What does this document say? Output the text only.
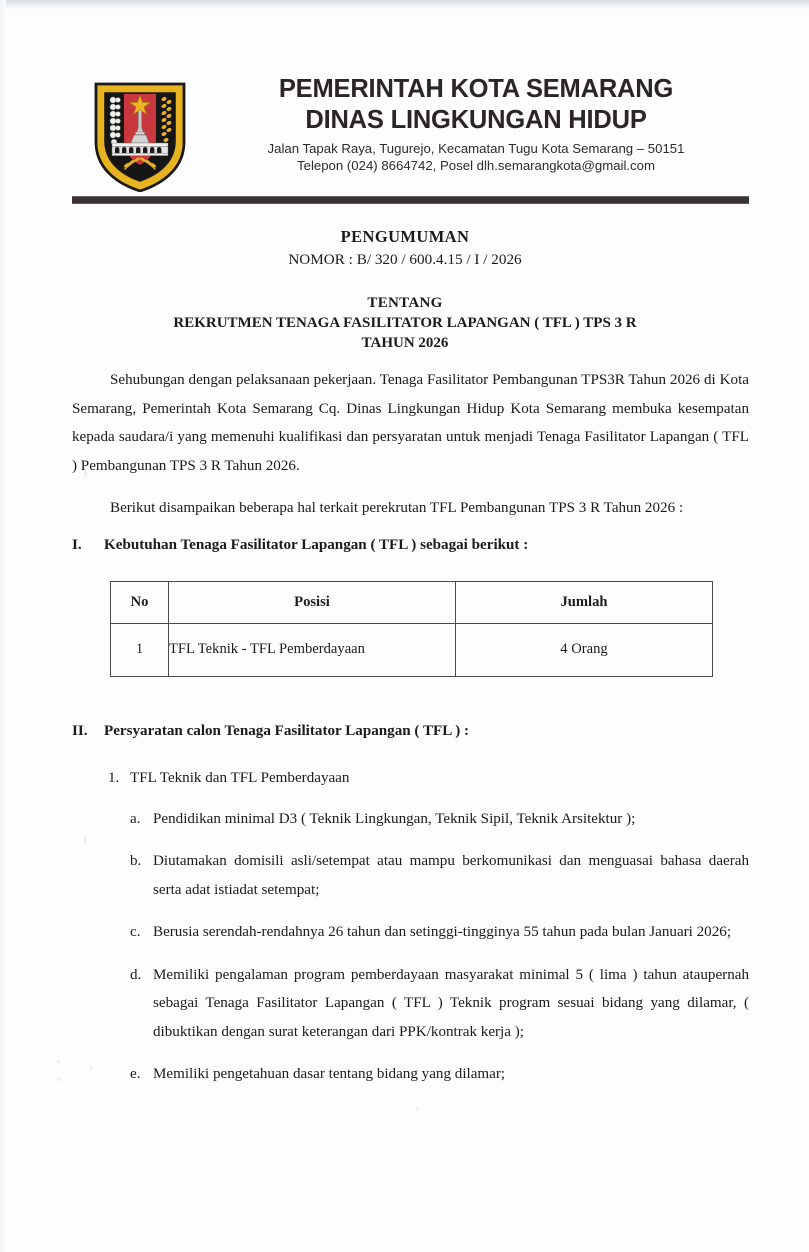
PEMERINTAH KOTA SEMARANG
DINAS LINGKUNGAN HIDUP
Jalan Tapak Raya, Tugurejo, Kecamatan Tugu Kota Semarang – 50151
Telepon (024) 8664742, Posel dlh.semarangkota@gmail.com
PENGUMUMAN
NOMOR : B/ 320 / 600.4.15 / I / 2026
TENTANG
REKRUTMEN TENAGA FASILITATOR LAPANGAN ( TFL ) TPS 3 R
TAHUN 2026

Sehubungan dengan pelaksanaan pekerjaan. Tenaga Fasilitator Pembangunan TPS3R Tahun 2026 di Kota Semarang, Pemerintah Kota Semarang Cq. Dinas Lingkungan Hidup Kota Semarang membuka kesempatan kepada saudara/i yang memenuhi kualifikasi dan persyaratan untuk menjadi Tenaga Fasilitator Lapangan ( TFL ) Pembangunan TPS 3 R Tahun 2026.

Berikut disampaikan beberapa hal terkait perekrutan TFL Pembangunan TPS 3 R Tahun 2026 :

I.	Kebutuhan Tenaga Fasilitator Lapangan ( TFL ) sebagai berikut :
No	Posisi	Jumlah
1	TFL Teknik - TFL Pemberdayaan	4 Orang
II.	Persyaratan calon Tenaga Fasilitator Lapangan ( TFL ) :
1. TFL Teknik dan TFL Pemberdayaan
a. Pendidikan minimal D3 ( Teknik Lingkungan, Teknik Sipil, Teknik Arsitektur );
b. Diutamakan domisili asli/setempat atau mampu berkomunikasi dan menguasai bahasa daerah serta adat istiadat setempat;
c. Berusia serendah-rendahnya 26 tahun dan setinggi-tingginya 55 tahun pada bulan Januari 2026;
d. Memiliki pengalaman program pemberdayaan masyarakat minimal 5 ( lima ) tahun ataupernah sebagai Tenaga Fasilitator Lapangan ( TFL ) Teknik program sesuai bidang yang dilamar, ( dibuktikan dengan surat keterangan dari PPK/kontrak kerja );
e. Memiliki pengetahuan dasar tentang bidang yang dilamar;
